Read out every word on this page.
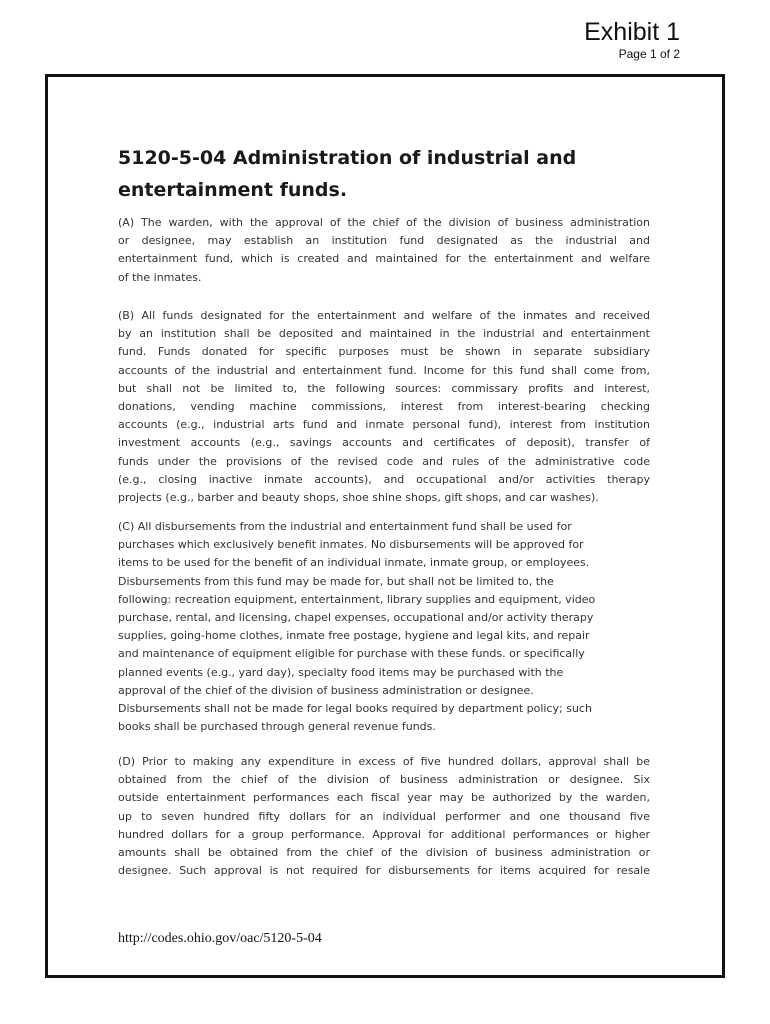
Exhibit 1
Page 1 of 2
5120-5-04 Administration of industrial and
entertainment funds.
(A) The warden, with the approval of the chief of the division of business administration
or designee, may establish an institution fund designated as the industrial and
entertainment fund, which is created and maintained for the entertainment and welfare
of the inmates.
(B) All funds designated for the entertainment and welfare of the inmates and received
by an institution shall be deposited and maintained in the industrial and entertainment
fund. Funds donated for specific purposes must be shown in separate subsidiary
accounts of the industrial and entertainment fund. Income for this fund shall come from,
but shall not be limited to, the following sources: commissary profits and interest,
donations, vending machine commissions, interest from interest-bearing checking
accounts (e.g., industrial arts fund and inmate personal fund), interest from institution
investment accounts (e.g., savings accounts and certificates of deposit), transfer of
funds under the provisions of the revised code and rules of the administrative code
(e.g., closing inactive inmate accounts), and occupational and/or activities therapy
projects (e.g., barber and beauty shops, shoe shine shops, gift shops, and car washes).
(C) All disbursements from the industrial and entertainment fund shall be used for
purchases which exclusively benefit inmates. No disbursements will be approved for
items to be used for the benefit of an individual inmate, inmate group, or employees.
Disbursements from this fund may be made for, but shall not be limited to, the
following: recreation equipment, entertainment, library supplies and equipment, video
purchase, rental, and licensing, chapel expenses, occupational and/or activity therapy
supplies, going-home clothes, inmate free postage, hygiene and legal kits, and repair
and maintenance of equipment eligible for purchase with these funds. or specifically
planned events (e.g., yard day), specialty food items may be purchased with the
approval of the chief of the division of business administration or designee.
Disbursements shall not be made for legal books required by department policy; such
books shall be purchased through general revenue funds.
(D) Prior to making any expenditure in excess of five hundred dollars, approval shall be
obtained from the chief of the division of business administration or designee. Six
outside entertainment performances each fiscal year may be authorized by the warden,
up to seven hundred fifty dollars for an individual performer and one thousand five
hundred dollars for a group performance. Approval for additional performances or higher
amounts shall be obtained from the chief of the division of business administration or
designee. Such approval is not required for disbursements for items acquired for resale
http://codes.ohio.gov/oac/5120-5-04
